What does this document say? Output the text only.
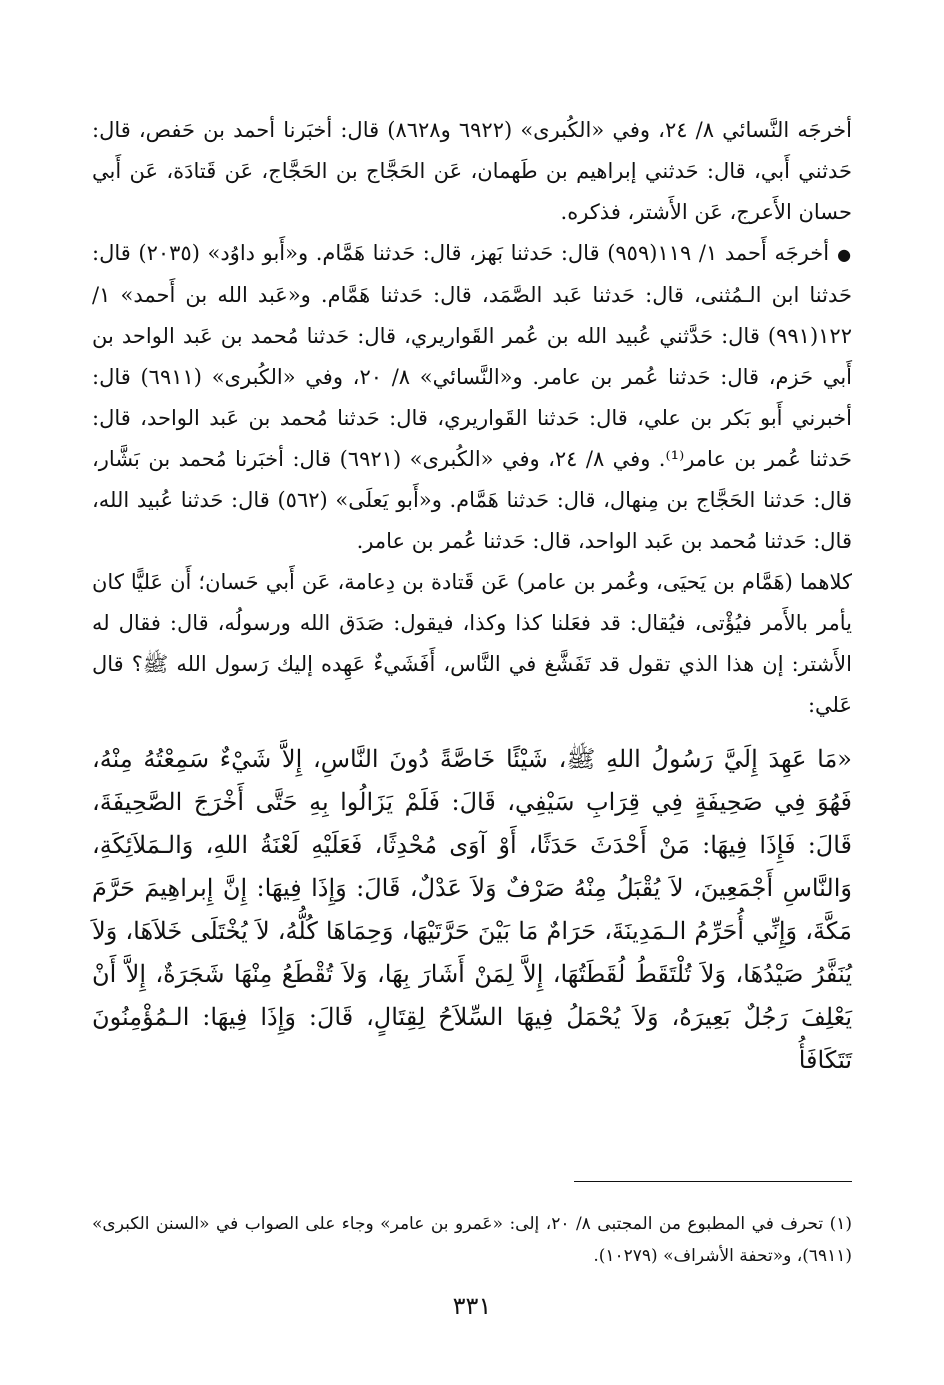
أخرجَه النَّسائي ٨/ ٢٤، وفي «الكُبرى» (٦٩٢٢ و٨٦٢٨) قال: أخبَرنا أحمد بن حَفص، قال: حَدثني أَبي، قال: حَدثني إبراهيم بن طَهمان، عَن الحَجَّاج بن الحَجَّاج، عَن قَتادَة، عَن أَبي حسان الأَعرج، عَن الأَشتر، فذكره.

● أخرجَه أَحمد ١/ ١١٩(٩٥٩) قال: حَدثنا بَهز، قال: حَدثنا هَمَّام. و«أَبو داوُد» (٢٠٣٥) قال: حَدثنا ابن الـمُثنى، قال: حَدثنا عَبد الصَّمَد، قال: حَدثنا هَمَّام. و«عَبد الله بن أَحمد» ١/ ١٢٢(٩٩١) قال: حَدَّثني عُبيد الله بن عُمر القَواريري، قال: حَدثنا مُحمد بن عَبد الواحد بن أَبي حَزم، قال: حَدثنا عُمر بن عامر. و«النَّسائي» ٨/ ٢٠، وفي «الكُبرى» (٦٩١١) قال: أخبرني أَبو بَكر بن علي، قال: حَدثنا القَواريري، قال: حَدثنا مُحمد بن عَبد الواحد، قال: حَدثنا عُمر بن عامر⁽¹⁾. وفي ٨/ ٢٤، وفي «الكُبرى» (٦٩٢١) قال: أخبَرنا مُحمد بن بَشَّار، قال: حَدثنا الحَجَّاج بن مِنهال، قال: حَدثنا هَمَّام. و«أَبو يَعلَى» (٥٦٢) قال: حَدثنا عُبيد الله، قال: حَدثنا مُحمد بن عَبد الواحد، قال: حَدثنا عُمر بن عامر.

كلاهما (هَمَّام بن يَحيَى، وعُمر بن عامر) عَن قَتادة بن دِعامة، عَن أَبي حَسان؛ أَن عَليًّا كان يأمر بالأَمر فيُؤْتى، فيُقال: قد فعَلنا كذا وكذا، فيقول: صَدَق الله ورسولُه، قال: فقال له الأَشتر: إن هذا الذي تقول قد تَفَشَّغ في النَّاس، أَفَشَيءٌ عَهِده إليك رَسول الله ﷺ؟ قال عَلي:

«مَا عَهِدَ إِلَيَّ رَسُولُ اللهِ ﷺ، شَيْئًا خَاصَّةً دُونَ النَّاسِ، إِلاَّ شَيْءٌ سَمِعْتُهُ مِنْهُ، فَهُوَ فِي صَحِيفَةٍ فِي قِرَابِ سَيْفِي، قَالَ: فَلَمْ يَزَالُوا بِهِ حَتَّى أَخْرَجَ الصَّحِيفَةَ، قَالَ: فَإِذَا فِيهَا: مَنْ أَحْدَثَ حَدَثًا، أَوْ آوَى مُحْدِثًا، فَعَلَيْهِ لَعْنَةُ اللهِ، وَالـمَلاَئِكَةِ، وَالنَّاسِ أَجْمَعِينَ، لاَ يُقْبَلُ مِنْهُ صَرْفٌ وَلاَ عَدْلٌ، قَالَ: وَإِذَا فِيهَا: إِنَّ إِبراهِيمَ حَرَّمَ مَكَّةَ، وَإِنِّي أُحَرِّمُ الـمَدِينَةَ، حَرَامٌ مَا بَيْنَ حَرَّتَيْهَا، وَحِمَاهَا كُلُّهُ، لاَ يُخْتَلَى خَلاَهَا، وَلاَ يُنَفَّرُ صَيْدُهَا، وَلاَ تُلْتَقَطُ لُقَطَتُهَا، إِلاَّ لِمَنْ أَشَارَ بِهَا، وَلاَ تُقْطَعُ مِنْهَا شَجَرَةٌ، إِلاَّ أَنْ يَعْلِفَ رَجُلٌ بَعِيرَهُ، وَلاَ يُحْمَلُ فِيهَا السِّلاَحُ لِقِتَالٍ، قَالَ: وَإِذَا فِيهَا: الـمُؤْمِنُونَ تَتَكَافَأُ

(١) تحرف في المطبوع من المجتبى ٨/ ٢٠، إلى: «عَمرو بن عامر» وجاء على الصواب في «السنن الكبرى» (٦٩١١)، و«تحفة الأشراف» (١٠٢٧٩).

٣٣١
